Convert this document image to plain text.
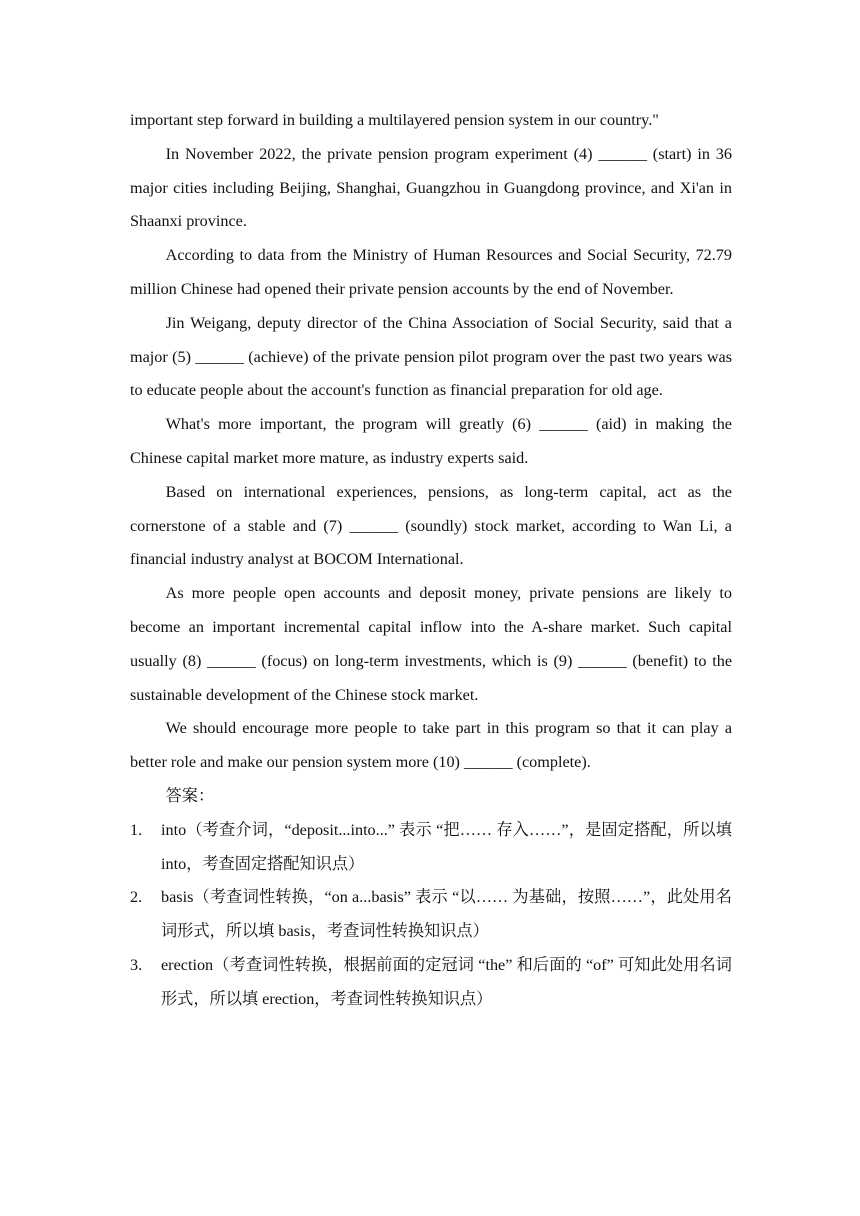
important step forward in building a multilayered pension system in our country."

In November 2022, the private pension program experiment (4) ______ (start) in 36 major cities including Beijing, Shanghai, Guangzhou in Guangdong province, and Xi'an in Shaanxi province.

According to data from the Ministry of Human Resources and Social Security, 72.79 million Chinese had opened their private pension accounts by the end of November.

Jin Weigang, deputy director of the China Association of Social Security, said that a major (5) ______ (achieve) of the private pension pilot program over the past two years was to educate people about the account's function as financial preparation for old age.

What's more important, the program will greatly (6) ______ (aid) in making the Chinese capital market more mature, as industry experts said.

Based on international experiences, pensions, as long-term capital, act as the cornerstone of a stable and (7) ______ (soundly) stock market, according to Wan Li, a financial industry analyst at BOCOM International.

As more people open accounts and deposit money, private pensions are likely to become an important incremental capital inflow into the A-share market. Such capital usually (8) ______ (focus) on long-term investments, which is (9) ______ (benefit) to the sustainable development of the Chinese stock market.

We should encourage more people to take part in this program so that it can play a better role and make our pension system more (10) ______ (complete).

答案：

1. into（考查介词，“deposit...into...” 表示 “把…… 存入……”，是固定搭配，所以填 into，考查固定搭配知识点）
2. basis（考查词性转换，“on a...basis” 表示 “以…… 为基础，按照……”，此处用名词形式，所以填 basis，考查词性转换知识点）
3. erection（考查词性转换，根据前面的定冠词 “the” 和后面的 “of” 可知此处用名词形式，所以填 erection，考查词性转换知识点）
